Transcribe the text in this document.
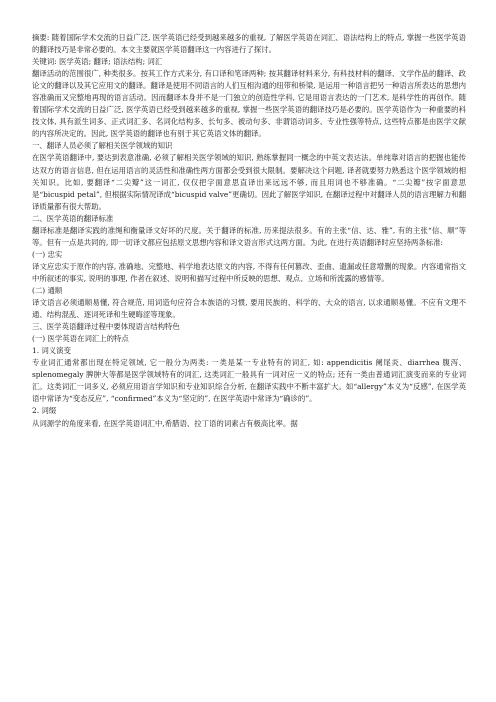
摘要: 随着国际学术交流的日益广泛, 医学英语已经受到越来越多的重视, 了解医学英语在词汇、语法结构上的特点, 掌握一些医学英语的翻译技巧是非常必要的。本文主要就医学英语翻译这一内容进行了探讨。

关键词: 医学英语; 翻译; 语法结构; 词汇

翻译活动的范围很广, 种类很多。按其工作方式来分, 有口译和笔译两种; 按其翻译材料来分, 有科技材料的翻译、文学作品的翻译、政论文的翻译以及其它应用文的翻译。翻译是使用不同语言的人们互相沟通的纽带和桥梁, 是运用一种语言把另一种语言所表达的思想内容准确而又完整地再现的语言活动。因而翻译本身并不是一门独立的创造性学科, 它是用语言表达的一门艺术, 是科学性的再创作。随着国际学术交流的日益广泛, 医学英语已经受到越来越多的重视, 掌握一些医学英语的翻译技巧是必要的。医学英语作为一种重要的科技文体, 具有派生词多、正式词汇多、名词化结构多、长句多、被动句多、非谓语动词多、专业性强等特点, 这些特点都是由医学文献的内容所决定的。因此, 医学英语的翻译也有别于其它英语文体的翻译。

一、翻译人员必须了解相关医学领域的知识

在医学英语翻译中, 要达到表意准确, 必须了解相关医学领域的知识, 熟练掌握同一概念的中英文表达法。单纯靠对语言的把握也能传达双方的语言信息, 但在运用语言的灵活性和准确性两方面都会受到很大限制。要解决这个问题, 译者就要努力熟悉这个医学领域的相关知识。比如, 要翻译“二尖瓣”这一词汇, 仅仅把字面意思直译出来远远不够, 而且用词也不够准确。“二尖瓣”按字面意思是“bicuspid petal”, 但根据实际情况译成“bicuspid valve”更确切。因此了解医学知识, 在翻译过程中对翻译人员的语言理解力和翻译质量都有很大帮助。

二、医学英语的翻译标准

翻译标准是翻译实践的准绳和衡量译文好坏的尺度。关于翻译的标准, 历来提法很多。有的主张“信、达、雅”, 有的主张“信、顺”等等。但有一点是共同的, 即一切译文都应包括原文思想内容和译文语言形式这两方面。为此, 在进行英语翻译时应坚持两条标准:

(一) 忠实

译文应忠实于原作的内容, 准确地、完整地、科学地表达原文的内容, 不得有任何篡改、歪曲、遗漏或任意增删的现象。内容通常指文中所叙述的事实, 说明的事理, 作者在叙述、说明和描写过程中所反映的思想、观点、立场和所流露的感情等。

(二) 通顺

译文语言必须通顺易懂, 符合规范, 用词造句应符合本族语的习惯, 要用民族的、科学的、大众的语言, 以求通顺易懂。不应有文理不通、结构混乱、逐词死译和生硬晦涩等现象。

三、医学英语翻译过程中要体现语言结构特色

(一) 医学英语在词汇上的特点

1. 词义演变

专业词汇通常都出现在特定领域, 它一般分为两类: 一类是某一专业特有的词汇, 如: appendicitis 阑尾炎、diarrhea 腹泻、splenomegaly 脾肿大等都是医学领域特有的词汇, 这类词汇一般具有一词对应一义的特点; 还有一类由普通词汇演变而来的专业词汇。这类词汇一词多义, 必须应用语言学知识和专业知识综合分析, 在翻译实践中不断丰富扩大。如“allergy”本义为“反感”, 在医学英语中常译为“变态反应”, “confirmed”本义为“坚定的”, 在医学英语中常译为“确诊的”。

2. 词缀

从词源学的角度来看, 在医学英语词汇中,希腊语、拉丁语的词素占有极高比率。据
